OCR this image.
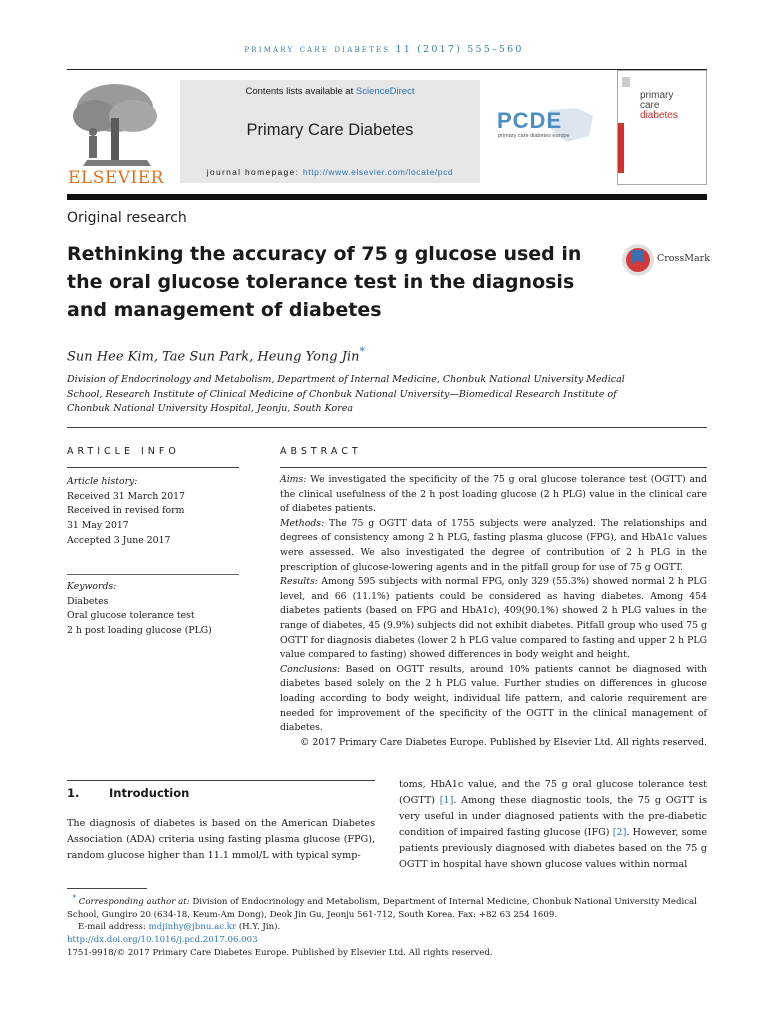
primary care diabetes 11 (2017) 555–560
ELSEVIER
Contents lists available at ScienceDirect
Primary Care Diabetes
journal homepage: http://www.elsevier.com/locate/pcd
PCDE
primary care diabetes europe
primary
care
diabetes
Original research
Rethinking the accuracy of 75 g glucose used in the oral glucose tolerance test in the diagnosis and management of diabetes
CrossMark
Sun Hee Kim, Tae Sun Park, Heung Yong Jin*
Division of Endocrinology and Metabolism, Department of Internal Medicine, Chonbuk National University Medical School, Research Institute of Clinical Medicine of Chonbuk National University—Biomedical Research Institute of Chonbuk National University Hospital, Jeonju, South Korea
ARTICLE INFO	ABSTRACT
Article history:
Received 31 March 2017
Received in revised form
31 May 2017
Accepted 3 June 2017
Keywords:
Diabetes
Oral glucose tolerance test
2 h post loading glucose (PLG)

Aims: We investigated the specificity of the 75 g oral glucose tolerance test (OGTT) and the clinical usefulness of the 2 h post loading glucose (2 h PLG) value in the clinical care of diabetes patients.

Methods: The 75 g OGTT data of 1755 subjects were analyzed. The relationships and degrees of consistency among 2 h PLG, fasting plasma glucose (FPG), and HbA1c values were assessed. We also investigated the degree of contribution of 2 h PLG in the prescription of glucose-lowering agents and in the pitfall group for use of 75 g OGTT.

Results: Among 595 subjects with normal FPG, only 329 (55.3%) showed normal 2 h PLG level, and 66 (11.1%) patients could be considered as having diabetes. Among 454 diabetes patients (based on FPG and HbA1c), 409(90.1%) showed 2 h PLG values in the range of diabetes, 45 (9.9%) subjects did not exhibit diabetes. Pitfall group who used 75 g OGTT for diagnosis diabetes (lower 2 h PLG value compared to fasting and upper 2 h PLG value compared to fasting) showed differences in body weight and height.

Conclusions: Based on OGTT results, around 10% patients cannot be diagnosed with diabetes based solely on the 2 h PLG value. Further studies on differences in glucose loading according to body weight, individual life pattern, and calorie requirement are needed for improvement of the specificity of the OGTT in the clinical management of diabetes.

© 2017 Primary Care Diabetes Europe. Published by Elsevier Ltd. All rights reserved.

1.	Introduction
The diagnosis of diabetes is based on the American Diabetes Association (ADA) criteria using fasting plasma glucose (FPG), random glucose higher than 11.1 mmol/L with typical symp-
toms, HbA1c value, and the 75 g oral glucose tolerance test (OGTT) [1]. Among these diagnostic tools, the 75 g OGTT is very useful in under diagnosed patients with the pre-diabetic condition of impaired fasting glucose (IFG) [2]. However, some patients previously diagnosed with diabetes based on the 75 g OGTT in hospital have shown glucose values within normal

* Corresponding author at: Division of Endocrinology and Metabolism, Department of Internal Medicine, Chonbuk National University Medical School, Gungiro 20 (634-18, Keum-Am Dong), Deok Jin Gu, Jeonju 561-712, South Korea. Fax: +82 63 254 1609.

E-mail address: mdjinhy@jbnu.ac.kr (H.Y. Jin).

http://dx.doi.org/10.1016/j.pcd.2017.06.003

1751-9918/© 2017 Primary Care Diabetes Europe. Published by Elsevier Ltd. All rights reserved.
